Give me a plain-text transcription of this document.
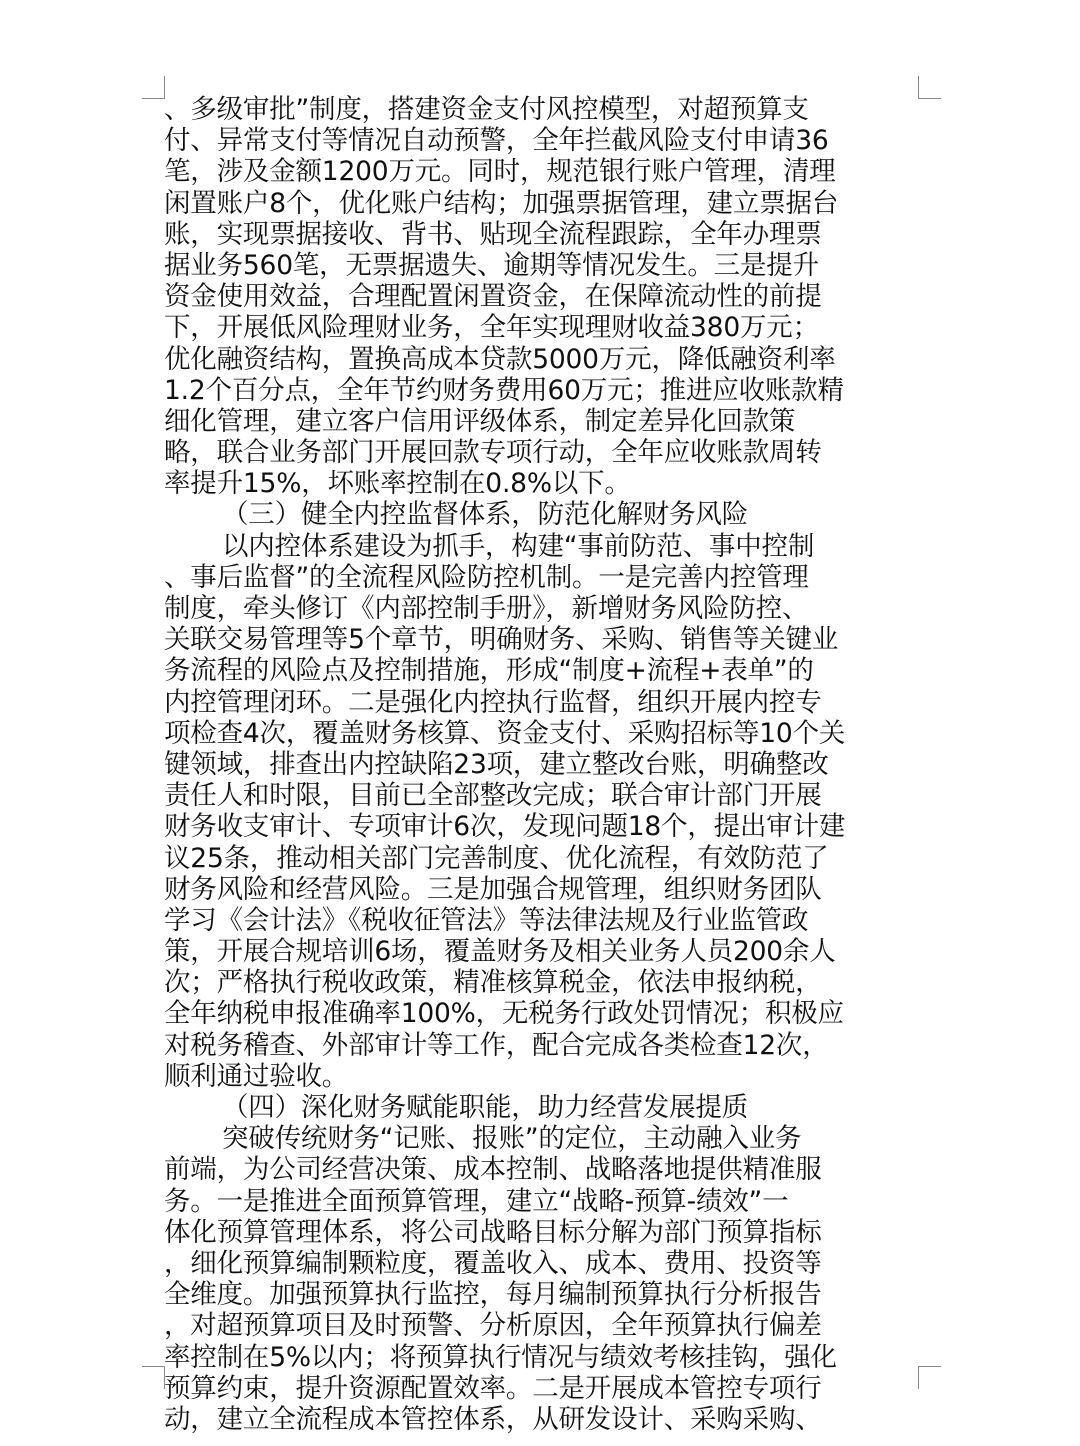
、多级审批”制度，搭建资金支付风控模型，对超预算支
付、异常支付等情况自动预警，全年拦截风险支付申请36
笔，涉及金额1200万元。同时，规范银行账户管理，清理
闲置账户8个，优化账户结构；加强票据管理，建立票据台
账，实现票据接收、背书、贴现全流程跟踪，全年办理票
据业务560笔，无票据遗失、逾期等情况发生。三是提升
资金使用效益，合理配置闲置资金，在保障流动性的前提
下，开展低风险理财业务，全年实现理财收益380万元；
优化融资结构，置换高成本贷款5000万元，降低融资利率
1.2个百分点，全年节约财务费用60万元；推进应收账款精
细化管理，建立客户信用评级体系，制定差异化回款策
略，联合业务部门开展回款专项行动，全年应收账款周转
率提升15%，坏账率控制在0.8%以下。
（三）健全内控监督体系，防范化解财务风险
以内控体系建设为抓手，构建“事前防范、事中控制
、事后监督”的全流程风险防控机制。一是完善内控管理
制度，牵头修订《内部控制手册》，新增财务风险防控、
关联交易管理等5个章节，明确财务、采购、销售等关键业
务流程的风险点及控制措施，形成“制度+流程+表单”的
内控管理闭环。二是强化内控执行监督，组织开展内控专
项检查4次，覆盖财务核算、资金支付、采购招标等10个关
键领域，排查出内控缺陷23项，建立整改台账，明确整改
责任人和时限，目前已全部整改完成；联合审计部门开展
财务收支审计、专项审计6次，发现问题18个，提出审计建
议25条，推动相关部门完善制度、优化流程，有效防范了
财务风险和经营风险。三是加强合规管理，组织财务团队
学习《会计法》《税收征管法》等法律法规及行业监管政
策，开展合规培训6场，覆盖财务及相关业务人员200余人
次；严格执行税收政策，精准核算税金，依法申报纳税，
全年纳税申报准确率100%，无税务行政处罚情况；积极应
对税务稽查、外部审计等工作，配合完成各类检查12次，
顺利通过验收。
（四）深化财务赋能职能，助力经营发展提质
突破传统财务“记账、报账”的定位，主动融入业务
前端，为公司经营决策、成本控制、战略落地提供精准服
务。一是推进全面预算管理，建立“战略-预算-绩效”一
体化预算管理体系，将公司战略目标分解为部门预算指标
，细化预算编制颗粒度，覆盖收入、成本、费用、投资等
全维度。加强预算执行监控，每月编制预算执行分析报告
，对超预算项目及时预警、分析原因，全年预算执行偏差
率控制在5%以内；将预算执行情况与绩效考核挂钩，强化
预算约束，提升资源配置效率。二是开展成本管控专项行
动，建立全流程成本管控体系，从研发设计、采购采购、
